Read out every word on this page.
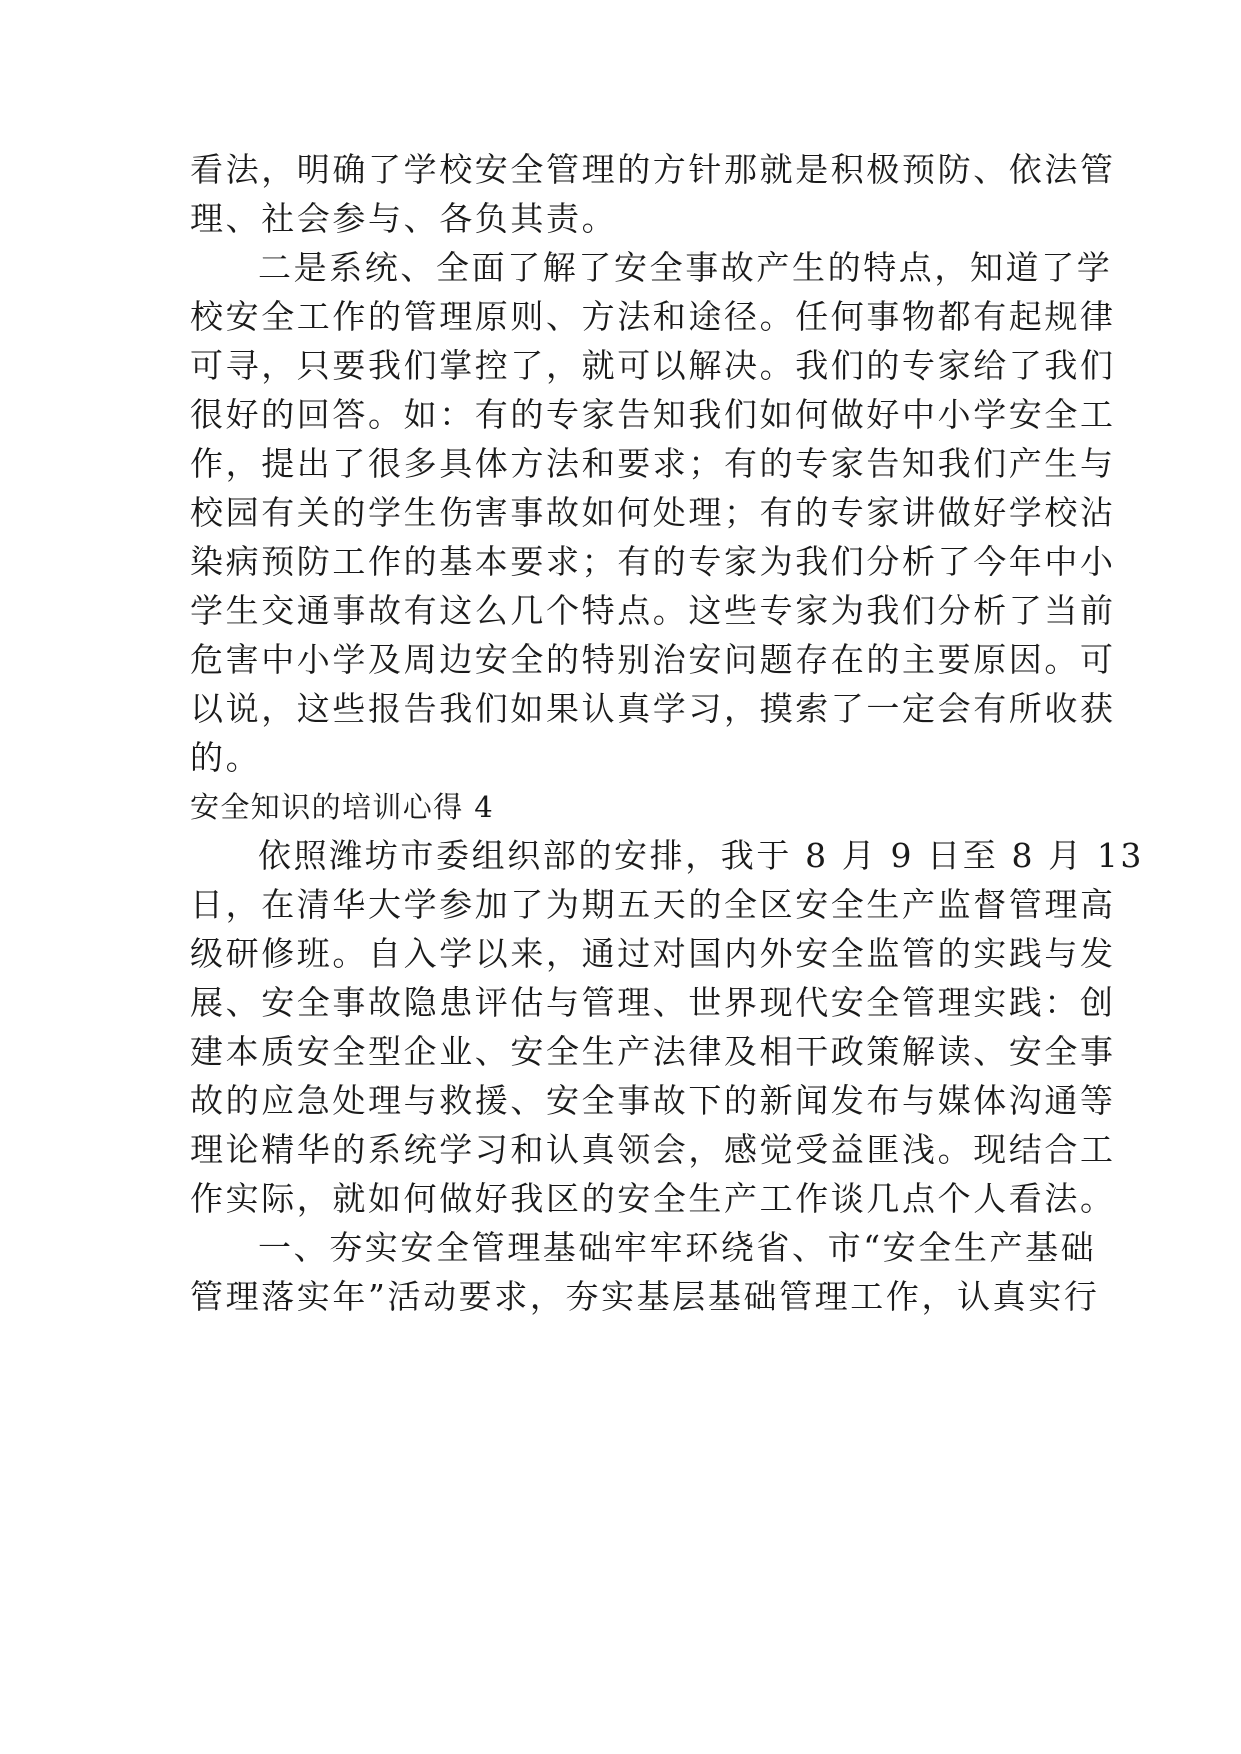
看法，明确了学校安全管理的方针那就是积极预防、依法管
理、社会参与、各负其责。
二是系统、全面了解了安全事故产生的特点，知道了学
校安全工作的管理原则、方法和途径。任何事物都有起规律
可寻，只要我们掌控了，就可以解决。我们的专家给了我们
很好的回答。如：有的专家告知我们如何做好中小学安全工
作，提出了很多具体方法和要求；有的专家告知我们产生与
校园有关的学生伤害事故如何处理；有的专家讲做好学校沾
染病预防工作的基本要求；有的专家为我们分析了今年中小
学生交通事故有这么几个特点。这些专家为我们分析了当前
危害中小学及周边安全的特别治安问题存在的主要原因。可
以说，这些报告我们如果认真学习，摸索了一定会有所收获
的。
安全知识的培训心得 4
依照潍坊市委组织部的安排，我于 8 月 9 日至 8 月 13
日，在清华大学参加了为期五天的全区安全生产监督管理高
级研修班。自入学以来，通过对国内外安全监管的实践与发
展、安全事故隐患评估与管理、世界现代安全管理实践：创
建本质安全型企业、安全生产法律及相干政策解读、安全事
故的应急处理与救援、安全事故下的新闻发布与媒体沟通等
理论精华的系统学习和认真领会，感觉受益匪浅。现结合工
作实际，就如何做好我区的安全生产工作谈几点个人看法。
一、夯实安全管理基础牢牢环绕省、市“安全生产基础
管理落实年”活动要求，夯实基层基础管理工作，认真实行
